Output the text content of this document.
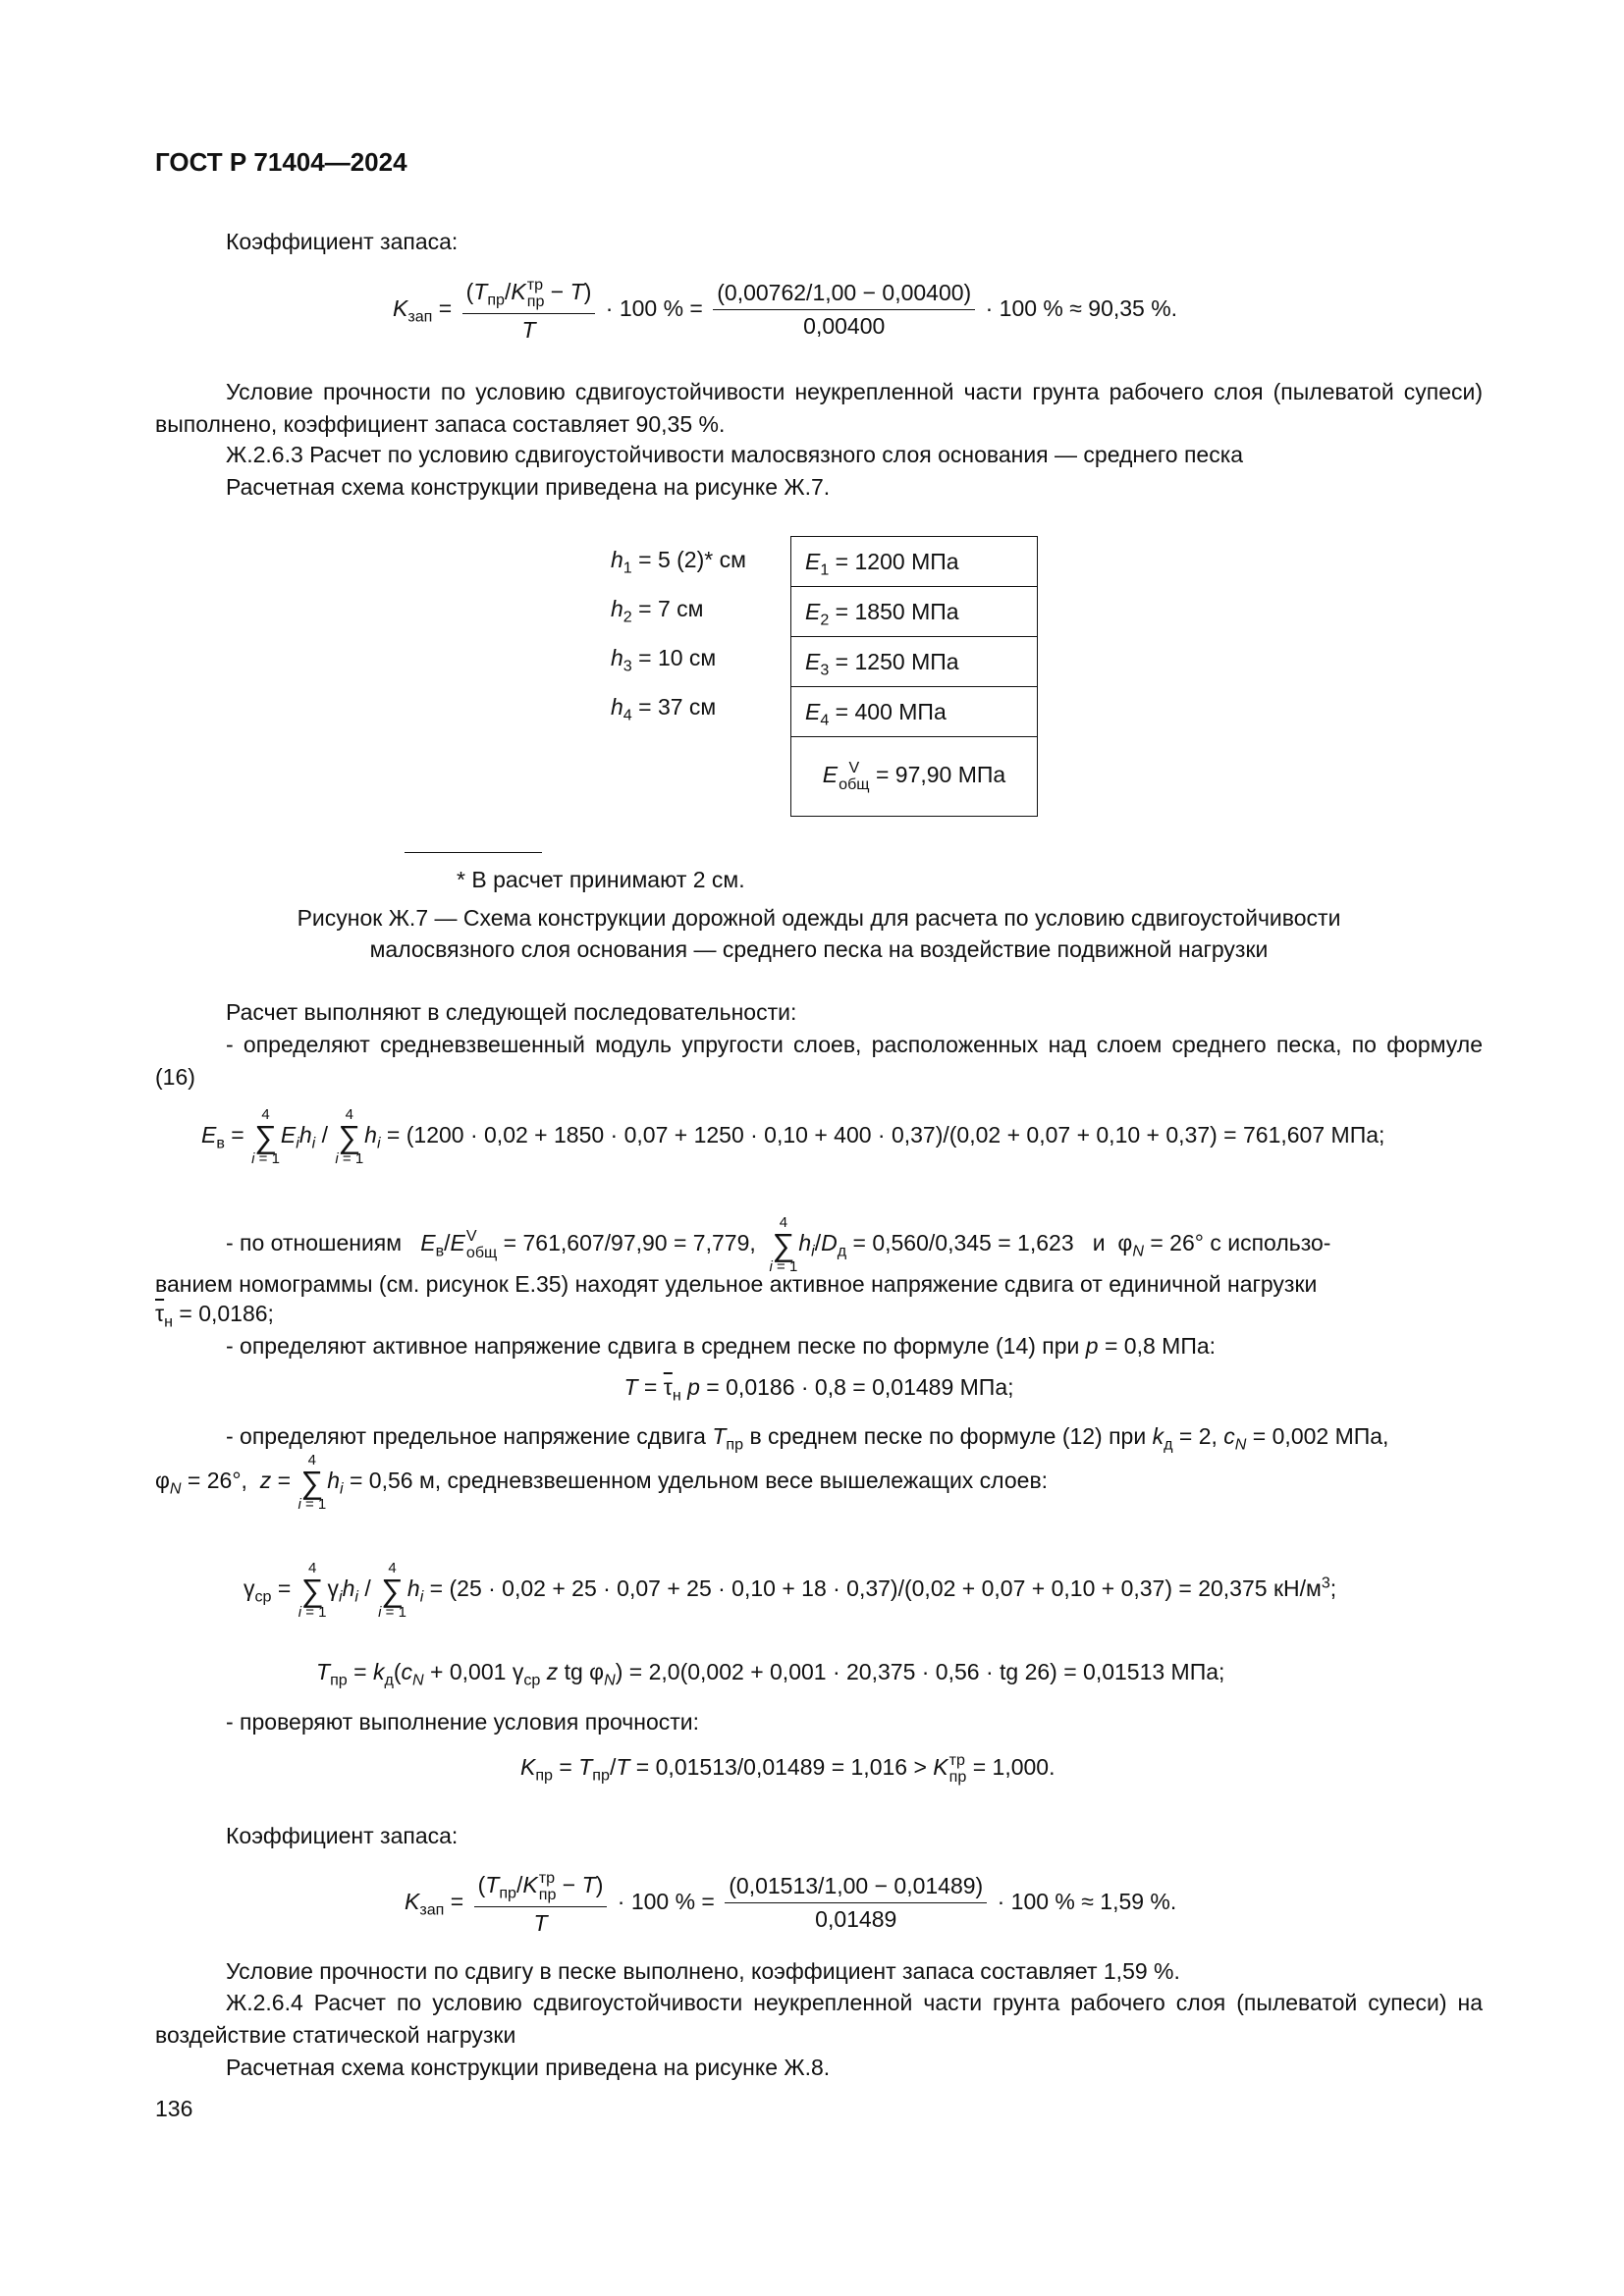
ГОСТ Р 71404—2024
Коэффициент запаса:
$K_{зап} = (T_{пр}/K$ тр
пр − T)
T · 100 % = $\frac{(0,00762/1,00 - 0,00400)}{0,00400} \cdot 100$ % ≈ 90,35 %.
Условие прочности по условию сдвигоустойчивости неукрепленной части грунта рабочего слоя (пылеватой супеси) выполнено, коэффициент запаса составляет 90,35 %.
Ж.2.6.3 Расчет по условию сдвигоустойчивости малосвязного слоя основания — среднего песка
Расчетная схема конструкции приведена на рисунке Ж.7.
$h_1 = 5$ (2)* см
$h_2 = 7$ см
$h_3 = 10$ см
$h_4 = 37$ см
$E_1 = 1200$ МПа
$E_2 = 1850$ МПа
$E_3 = 1250$ МПа
$E_4 = 400$ МПа
E V
общ = 97,90 МПа
* В расчет принимают 2 см.
Рисунок Ж.7 — Схема конструкции дорожной одежды для расчета по условию сдвигоустойчивости
малосвязного слоя основания — среднего песка на воздействие подвижной нагрузки
Расчет выполняют в следующей последовательности:
- определяют средневзвешенный модуль упругости слоев, расположенных над слоем среднего песка, по формуле (16)
$E_в$ =
4
∑
i = 1
$E_ih_i$ /
4
∑
i = 1
$h_i = (1200 \cdot 0,02 + 1850 \cdot 0,07 + 1250 \cdot 0,10 + 400 \cdot 0,37)/(0,02 + 0,07 + 0,10 + 0,37) = 761,607$ МПа;
- по отношениям $E_в/E$ V
общ = 761,607/97,90 = 7,779,
4
∑
i = 1
$h_i/D_д = 0,560/0,345 = 1,623$ и  $\varphi_N = 26^\circ$ с использо-
ванием номограммы (см. рисунок Е.35) находят удельное активное напряжение сдвига от единичной нагрузки
$\overline{\tau}_н = 0,0186$;
- определяют активное напряжение сдвига в среднем песке по формуле (14) при p = 0,8 МПа:
$T = \overline{\tau}_н$ p = 0,0186 · 0,8 = 0,01489 МПа;
- определяют предельное напряжение сдвига $T_{пр}$ в среднем песке по формуле (12) при $k_д = 2$, $c_N = 0,002$ МПа,
$\varphi_N = 26^\circ$,  z =
4
∑
i = 1
$h_i = 0,56$ м, средневзвешенном удельном весе вышележащих слоев:
$\gamma_{ср}$ =
4
∑
i = 1
$\gamma_ih_i$ /
4
∑
i = 1
$h_i = (25 \cdot 0,02 + 25 \cdot 0,07 + 25 \cdot 0,10 + 18 \cdot 0,37)/(0,02 + 0,07 + 0,10 + 0,37) = 20,375$ $кН/м^3$;
$T_{пр} = k_д(c_N + 0,001$ $\gamma_{ср}$ z tg $\varphi_N) = 2,0(0,002 + 0,001 \cdot 20,375 \cdot 0,56$ · tg 26) = 0,01513 МПа;
- проверяют выполнение условия прочности:
$K_{пр} = T_{пр}/T = 0,01513/0,01489 = 1,016 > K$ тр
пр = 1,000.
Коэффициент запаса:
$K_{зап} = (T_{пр}/K$ тр
пр − T)
T · 100 % = $\frac{(0,01513/1,00 - 0,01489)}{0,01489} \cdot 100$ % ≈ 1,59 %.
Условие прочности по сдвигу в песке выполнено, коэффициент запаса составляет 1,59 %.
Ж.2.6.4 Расчет по условию сдвигоустойчивости неукрепленной части грунта рабочего слоя (пылеватой супеси) на воздействие статической нагрузки
Расчетная схема конструкции приведена на рисунке Ж.8.
136
